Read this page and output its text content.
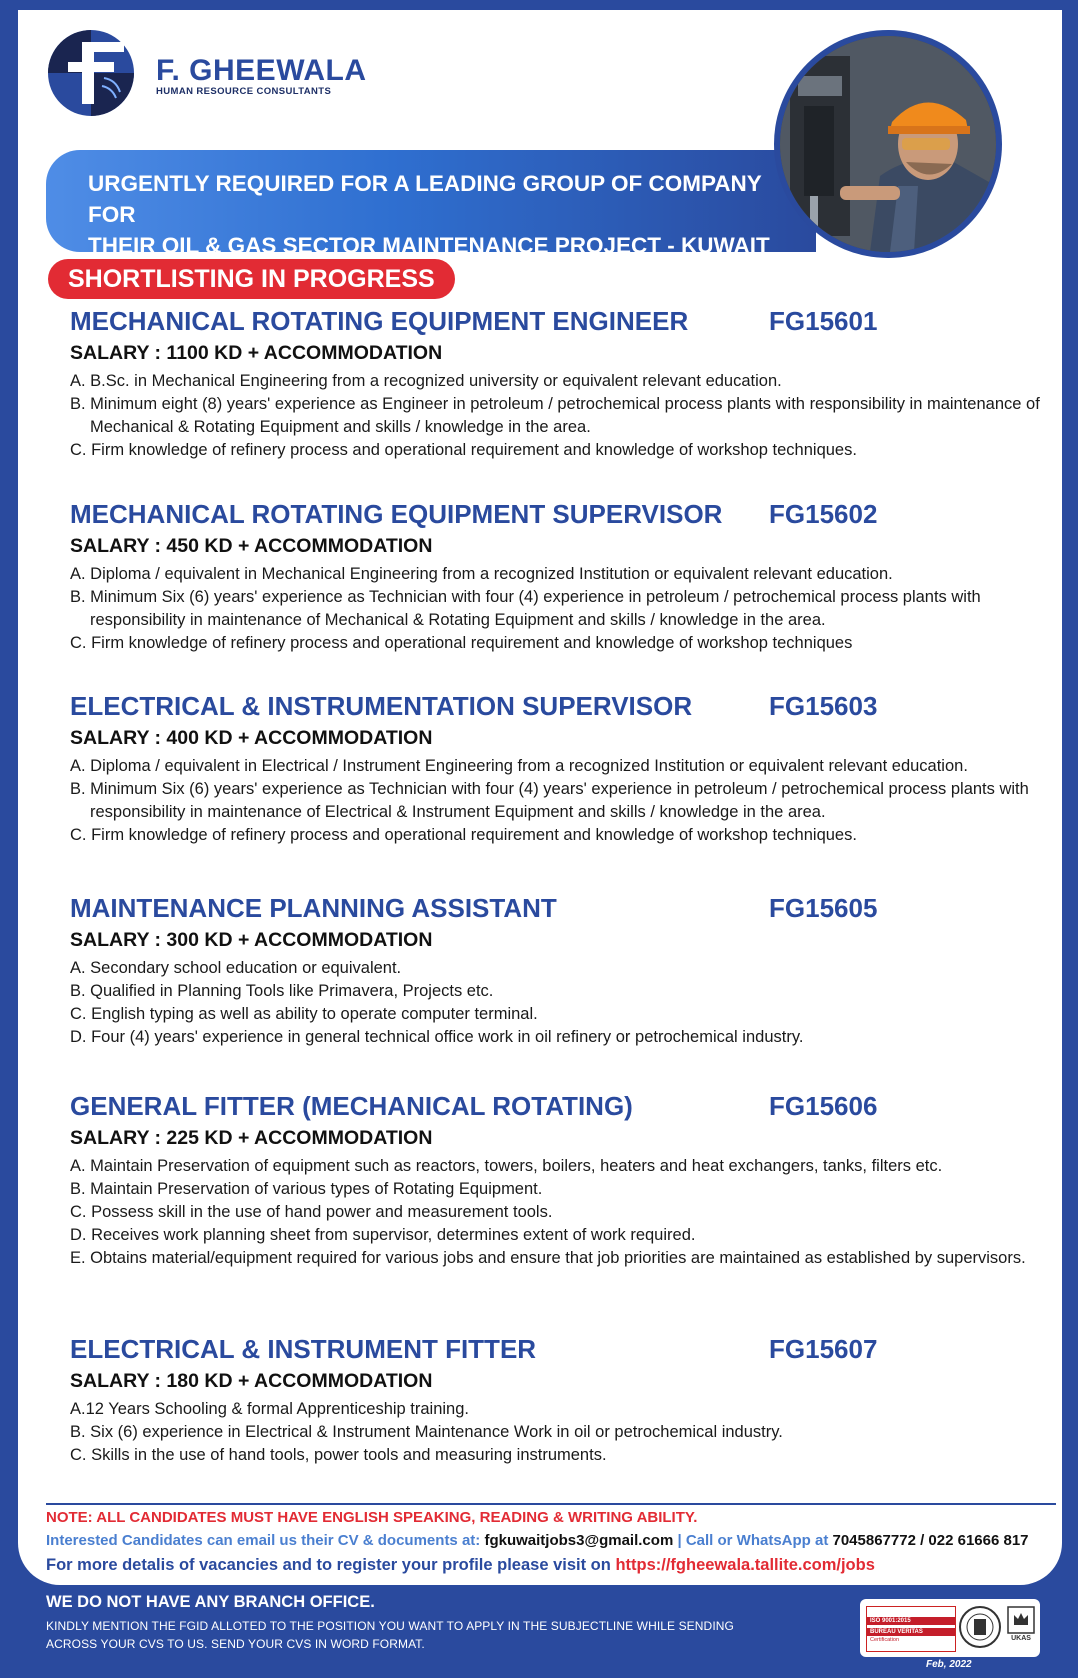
F. GHEEWALA
HUMAN RESOURCE CONSULTANTS
URGENTLY REQUIRED FOR A LEADING GROUP OF COMPANY FOR
THEIR OIL & GAS SECTOR MAINTENANCE PROJECT - KUWAIT
SHORTLISTING IN PROGRESS
MECHANICAL ROTATING EQUIPMENT ENGINEER	FG15601
SALARY : 1100 KD + ACCOMMODATION
A. B.Sc. in Mechanical Engineering from a recognized university or equivalent relevant education.
B. Minimum eight (8) years' experience as Engineer in petroleum / petrochemical process plants with responsibility in maintenance of Mechanical & Rotating Equipment and skills / knowledge in the area.
C. Firm knowledge of refinery process and operational requirement and knowledge of workshop techniques.
MECHANICAL ROTATING EQUIPMENT SUPERVISOR FG15602
SALARY : 450 KD + ACCOMMODATION
A. Diploma / equivalent in Mechanical Engineering from a recognized Institution or equivalent relevant education.
B. Minimum Six (6) years' experience as Technician with four (4) experience in petroleum / petrochemical process plants with responsibility in maintenance of Mechanical & Rotating Equipment and skills / knowledge in the area.
C. Firm knowledge of refinery process and operational requirement and knowledge of workshop techniques
ELECTRICAL & INSTRUMENTATION SUPERVISOR	FG15603
SALARY : 400 KD + ACCOMMODATION
A. Diploma / equivalent in Electrical / Instrument Engineering from a recognized Institution or equivalent relevant education.
B. Minimum Six (6) years' experience as Technician with four (4) years' experience in petroleum / petrochemical process plants with responsibility in maintenance of Electrical & Instrument Equipment and skills / knowledge in the area.
C. Firm knowledge of refinery process and operational requirement and knowledge of workshop techniques.
MAINTENANCE PLANNING ASSISTANT	FG15605
SALARY : 300 KD + ACCOMMODATION
A. Secondary school education or equivalent.
B. Qualified in Planning Tools like Primavera, Projects etc.
C. English typing as well as ability to operate computer terminal.
D. Four (4) years' experience in general technical office work in oil refinery or petrochemical industry.
GENERAL FITTER (MECHANICAL ROTATING)	FG15606
SALARY : 225 KD + ACCOMMODATION
A. Maintain Preservation of equipment such as reactors, towers, boilers, heaters and heat exchangers, tanks, filters etc.
B. Maintain Preservation of various types of Rotating Equipment.
C. Possess skill in the use of hand power and measurement tools.
D. Receives work planning sheet from supervisor, determines extent of work required.
E. Obtains material/equipment required for various jobs and ensure that job priorities are maintained as established by supervisors.
ELECTRICAL & INSTRUMENT FITTER	FG15607
SALARY : 180 KD + ACCOMMODATION
A.12 Years Schooling & formal Apprenticeship training.
B. Six (6) experience in Electrical & Instrument Maintenance Work in oil or petrochemical industry.
C. Skills in the use of hand tools, power tools and measuring instruments.
NOTE: ALL CANDIDATES MUST HAVE ENGLISH SPEAKING, READING & WRITING ABILITY.
Interested Candidates can email us their CV & documents at: fgkuwaitjobs3@gmail.com | Call or WhatsApp at 7045867772 / 022 61666 817
For more detalis of vacancies and to register your profile please visit on https://fgheewala.tallite.com/jobs
WE DO NOT HAVE ANY BRANCH OFFICE.
KINDLY MENTION THE FGID ALLOTED TO THE POSITION YOU WANT TO APPLY IN THE SUBJECTLINE WHILE SENDING ACROSS YOUR CVS TO US. SEND YOUR CVS IN WORD FORMAT.
ISO 9001:2015
BUREAU VERITAS
Certification	UKAS
Feb, 2022
